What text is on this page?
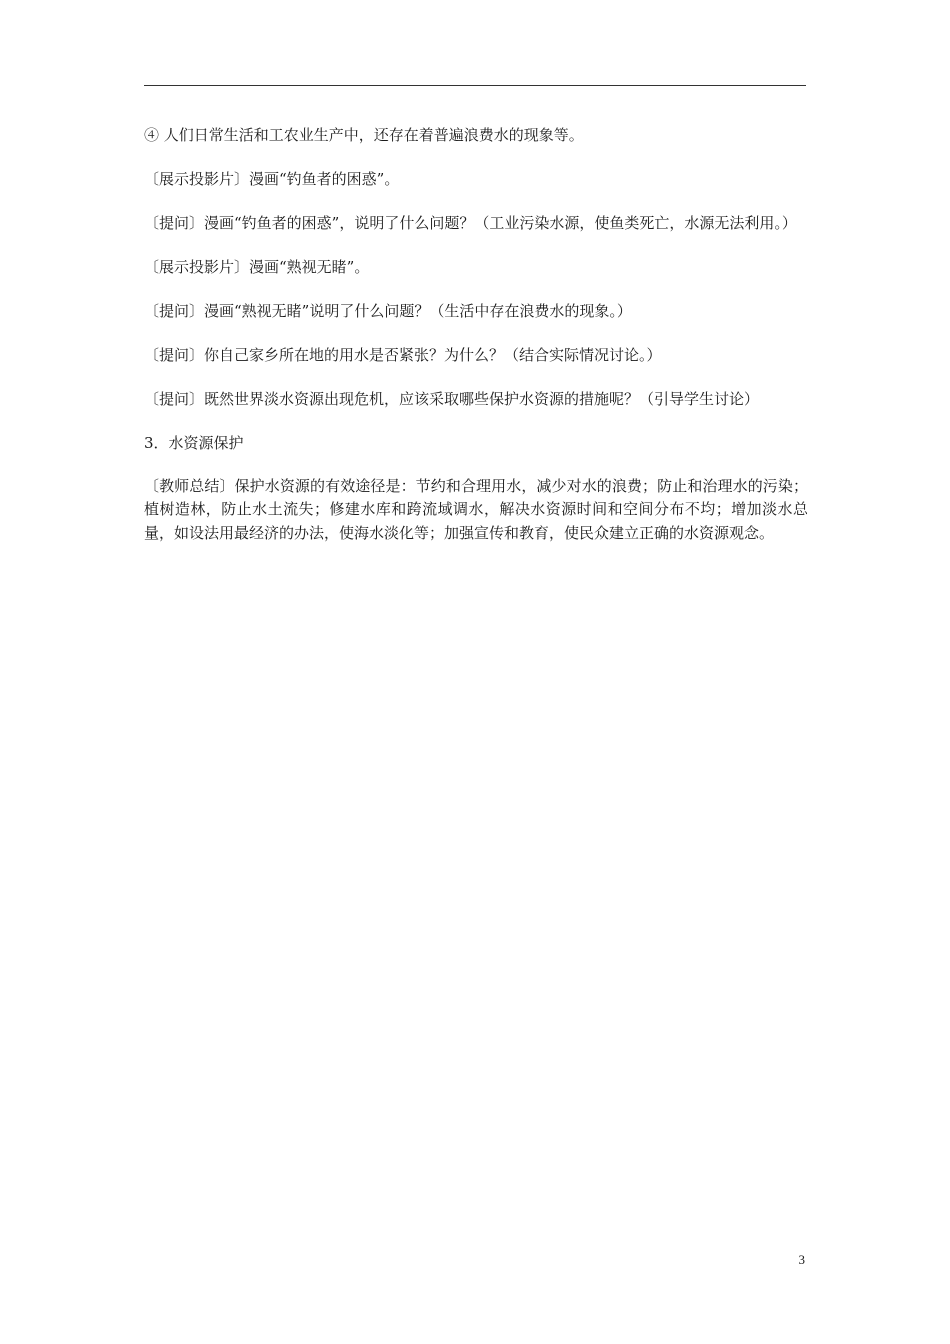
④ 人们日常生活和工农业生产中，还存在着普遍浪费水的现象等。

〔展示投影片〕漫画“钓鱼者的困惑”。

〔提问〕漫画“钓鱼者的困惑”，说明了什么问题？（工业污染水源，使鱼类死亡，水源无法利用。）

〔展示投影片〕漫画“熟视无睹”。

〔提问〕漫画“熟视无睹”说明了什么问题？（生活中存在浪费水的现象。）

〔提问〕你自己家乡所在地的用水是否紧张？为什么？（结合实际情况讨论。）

〔提问〕既然世界淡水资源出现危机，应该采取哪些保护水资源的措施呢？（引导学生讨论）

3．水资源保护

〔教师总结〕保护水资源的有效途径是：节约和合理用水，减少对水的浪费；防止和治理水的污染；植树造林，防止水土流失；修建水库和跨流域调水，解决水资源时间和空间分布不均；增加淡水总量，如设法用最经济的办法，使海水淡化等；加强宣传和教育，使民众建立正确的水资源观念。

3
